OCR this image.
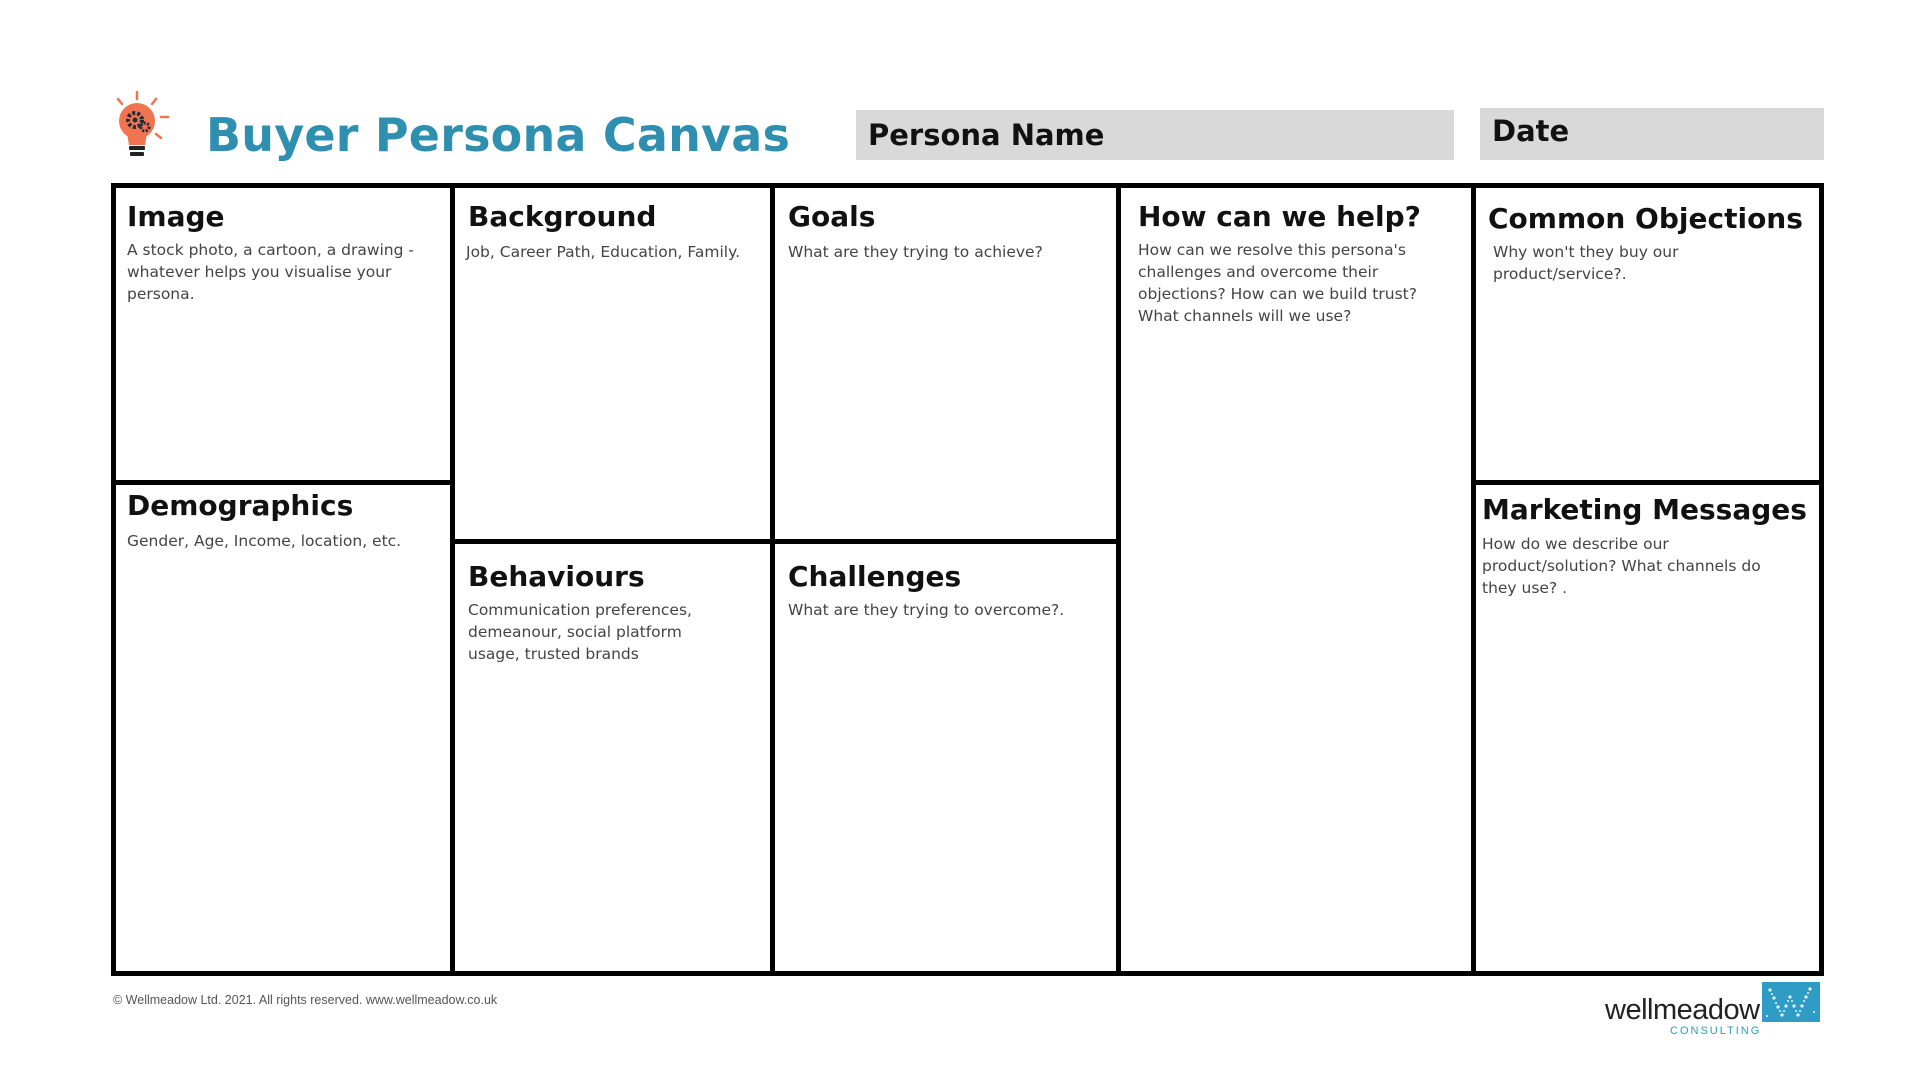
Buyer Persona Canvas	Persona Name	Date
Image

A stock photo, a cartoon, a drawing - whatever helps you visualise your persona.

Demographics

Gender, Age, Income, location, etc.

Background

Job, Career Path, Education, Family.

Behaviours

Communication preferences, demeanour, social platform usage, trusted brands

Goals

What are they trying to achieve?

Challenges

What are they trying to overcome?.

How can we help?

How can we resolve this persona's challenges and overcome their objections? How can we build trust? What channels will we use?

Common Objections

Why won't they buy our product/service?.

Marketing Messages

How do we describe our product/solution? What channels do they use? .

© Wellmeadow Ltd. 2021. All rights reserved. www.wellmeadow.co.uk	wellmeadow
CONSULTING
